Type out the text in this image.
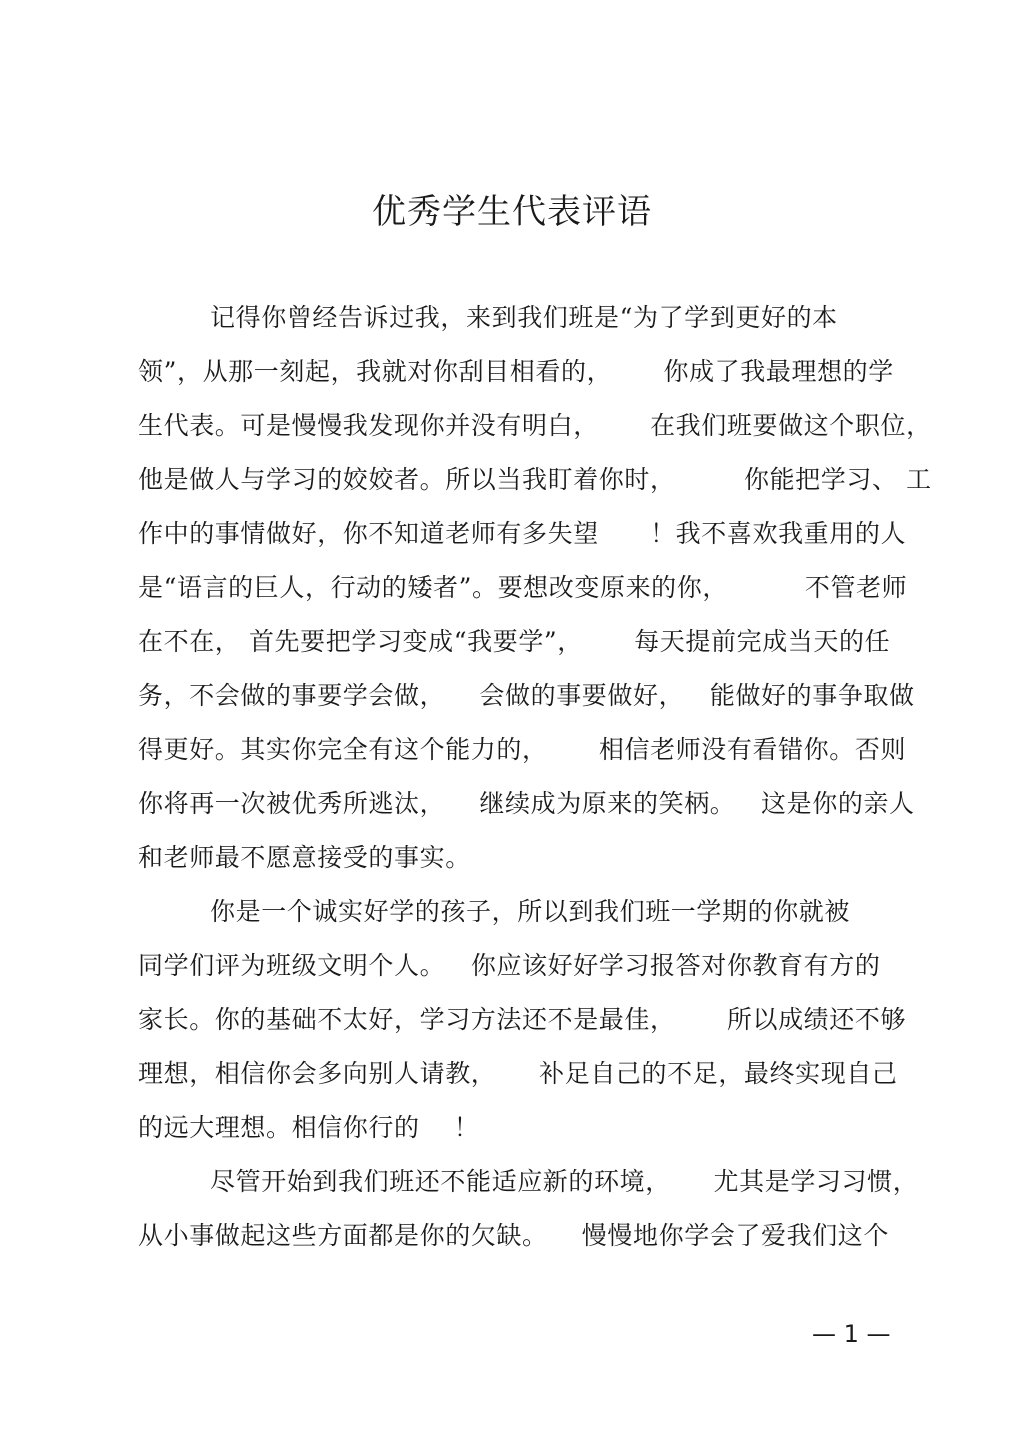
优秀学生代表评语
记得你曾经告诉过我，来到我们班是“为了学到更好的本
领”，从那一刻起，我就对你刮目相看的，      你成了我最理想的学
生代表。可是慢慢我发现你并没有明白，      在我们班要做这个职位，
他是做人与学习的姣姣者。所以当我盯着你时，        你能把学习、 工
作中的事情做好，你不知道老师有多失望      ！我不喜欢我重用的人
是“语言的巨人，行动的矮者”。要想改变原来的你，         不管老师
在不在， 首先要把学习变成“我要学”，      每天提前完成当天的任
务，不会做的事要学会做，    会做的事要做好，   能做好的事争取做
得更好。其实你完全有这个能力的，      相信老师没有看错你。否则
你将再一次被优秀所逃汰，    继续成为原来的笑柄。   这是你的亲人
和老师最不愿意接受的事实。
你是一个诚实好学的孩子，所以到我们班一学期的你就被
同学们评为班级文明个人。   你应该好好学习报答对你教育有方的
家长。你的基础不太好，学习方法还不是最佳，      所以成绩还不够
理想，相信你会多向别人请教，     补足自己的不足，最终实现自己
的远大理想。相信你行的    ！
尽管开始到我们班还不能适应新的环境，     尤其是学习习惯，
从小事做起这些方面都是你的欠缺。    慢慢地你学会了爱我们这个
— 1 —
